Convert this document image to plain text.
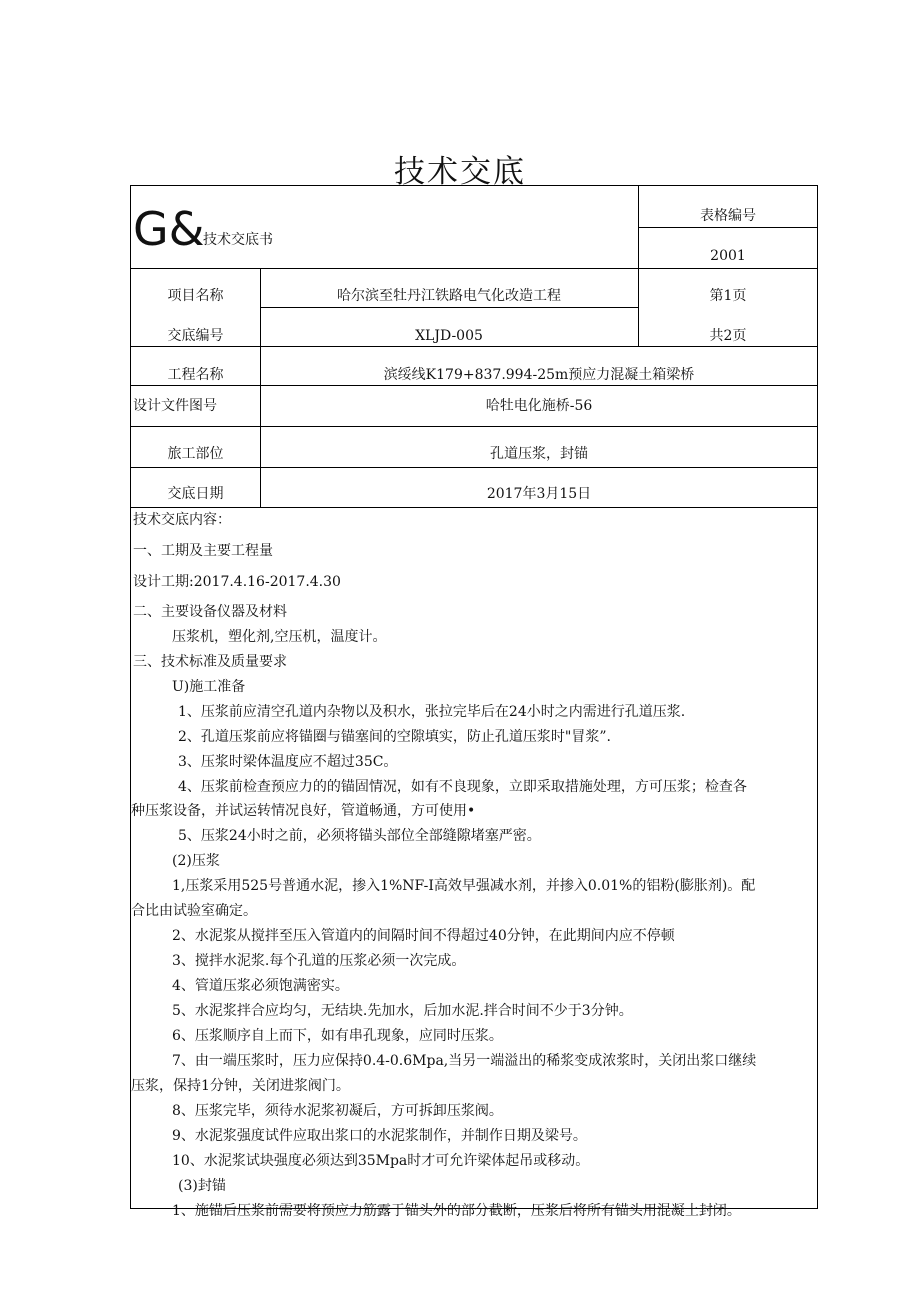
技术交底
G&
技术交底书
表格编号
2001
项目名称	哈尔滨至牡丹江铁路电气化改造工程	第1页
交底编号	XLJD-005	共2页
工程名称	滨绥线K179+837.994-25m预应力混凝土箱梁桥
设计文件图号	哈牡电化施桥-56
旅工部位	孔道压浆，封锚
交底日期	2017年3月15日
技术交底内容：
一、工期及主要工程量
设计工期:2017.4.16-2017.4.30
二、主要设备仪器及材料
压浆机，塑化剂,空压机，温度计。
三、技术标准及质量要求
U)施工准备
1、压浆前应清空孔道内杂物以及积水，张拉完毕后在24小时之内需进行孔道压浆.
2、孔道压浆前应将锚圈与锚塞间的空隙填实，防止孔道压浆时"冒浆”.
3、压浆时梁体温度应不超过35C。
4、压浆前检查预应力的的锚固情况，如有不良现象，立即采取措施处理，方可压浆；检查各
种压浆设备，并试运转情况良好，管道畅通，方可使用•
5、压浆24小时之前，必须将锚头部位全部缝隙堵塞严密。
(2)压浆
1,压浆采用525号普通水泥，掺入1%NF-I高效早强减水剂，并掺入0.01%的铝粉(膨胀剂)。配
合比由试验室确定。
2、水泥浆从搅拌至压入管道内的间隔时间不得超过40分钟，在此期间内应不停顿
3、搅拌水泥浆.每个孔道的压浆必须一次完成。
4、管道压浆必须饱满密实。
5、水泥浆拌合应均匀，无结块.先加水，后加水泥.拌合时间不少于3分钟。
6、压浆顺序自上而下，如有串孔现象，应同时压浆。
7、由一端压浆时，压力应保持0.4-0.6Mpa,当另一端溢出的稀浆变成浓浆时，关闭出浆口继续
压浆，保持1分钟，关闭进浆阀门。
8、压浆完毕，须待水泥浆初凝后，方可拆卸压浆阀。
9、水泥浆强度试件应取出浆口的水泥浆制作，并制作日期及梁号。
10、水泥浆试块强度必须达到35Mpa时才可允许梁体起吊或移动。
(3)封锚
1、施锚后压浆前需要将预应力筋露于锚头外的部分截断，压浆后将所有锚头用混凝土封闭。
